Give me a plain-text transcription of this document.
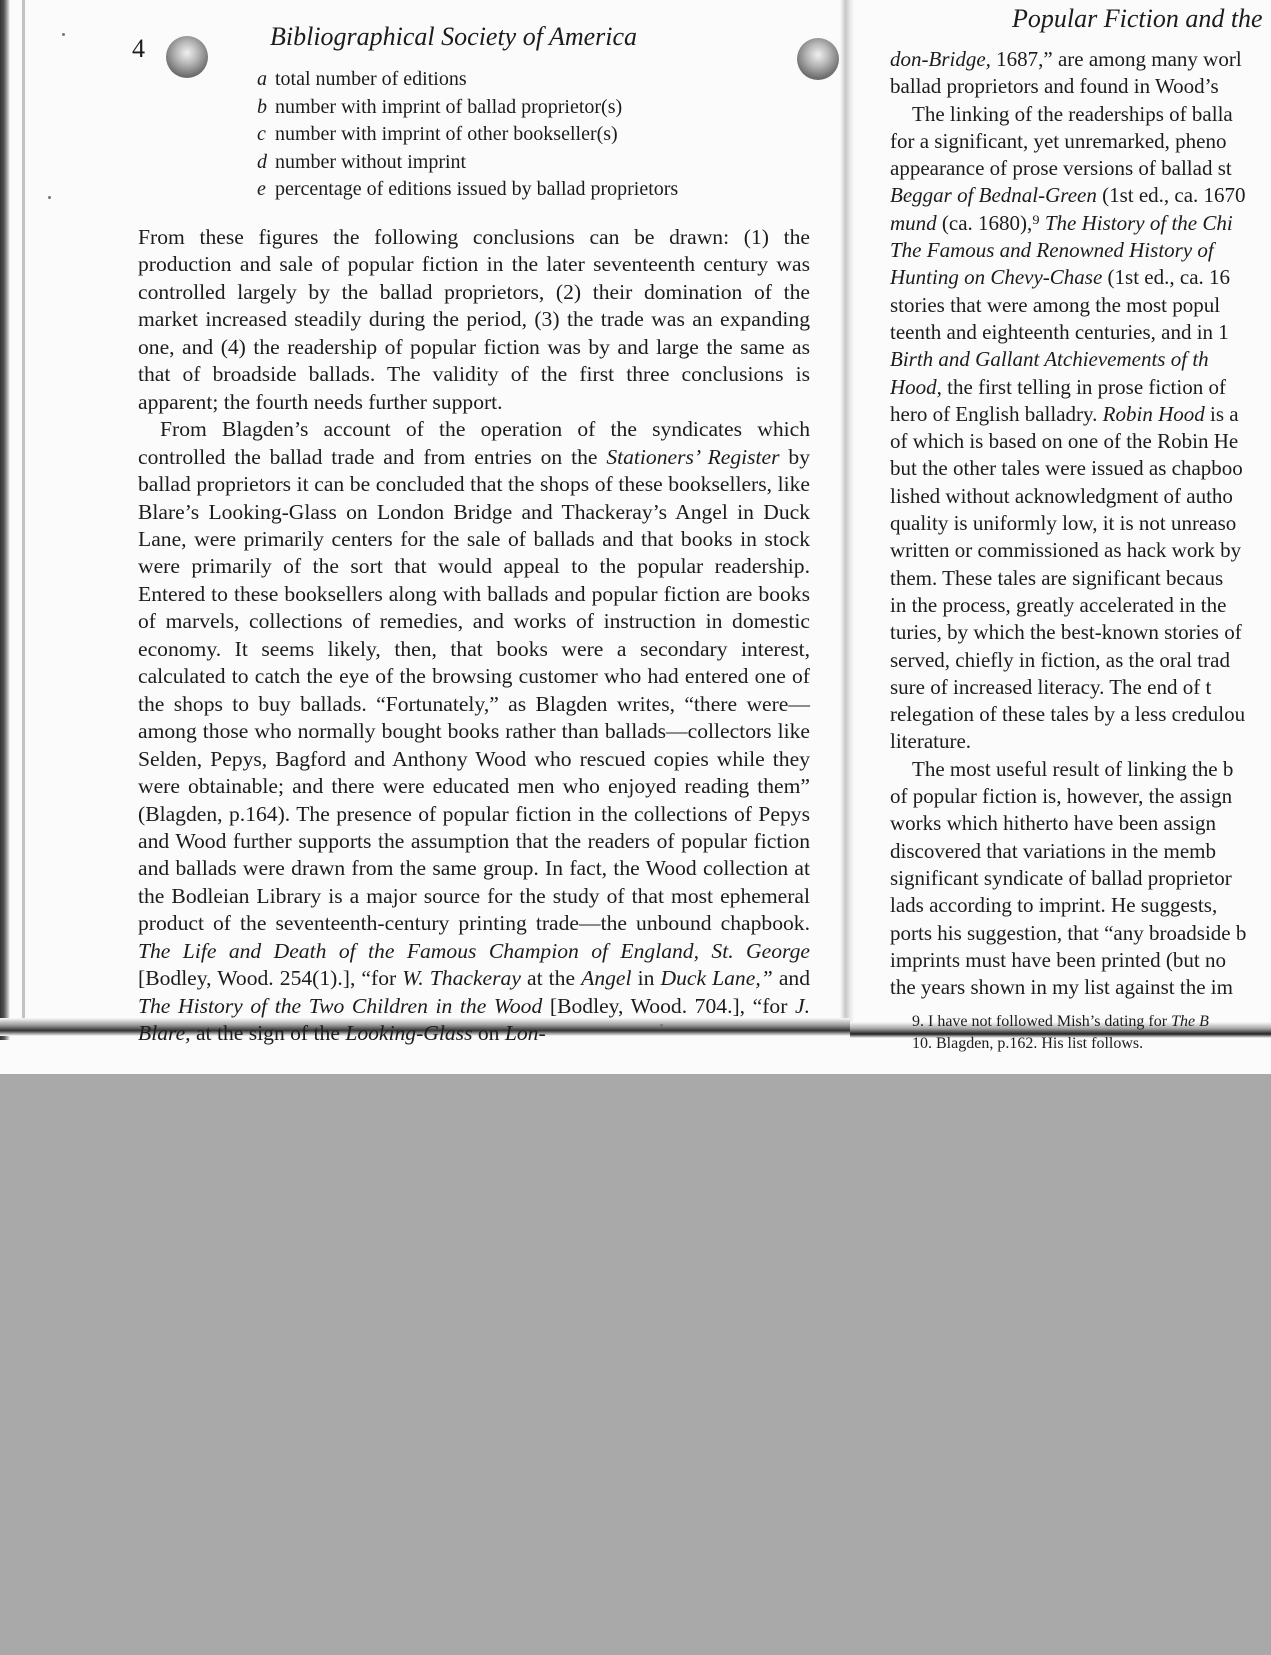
4	Bibliographical Society of America
a total number of editions
b number with imprint of ballad proprietor(s)
c number with imprint of other bookseller(s)
d number without imprint
e percentage of editions issued by ballad proprietors

From these figures the following conclusions can be drawn: (1) the production and sale of popular fiction in the later seventeenth century was controlled largely by the ballad proprietors, (2) their domination of the market increased steadily during the period, (3) the trade was an expanding one, and (4) the readership of popular fiction was by and large the same as that of broadside ballads. The validity of the first three conclusions is apparent; the fourth needs further support.

From Blagden’s account of the operation of the syndicates which controlled the ballad trade and from entries on the Stationers’ Register by ballad proprietors it can be concluded that the shops of these booksellers, like Blare’s Looking-Glass on London Bridge and Thackeray’s Angel in Duck Lane, were primarily centers for the sale of ballads and that books in stock were primarily of the sort that would appeal to the popular readership. Entered to these booksellers along with ballads and popular fiction are books of marvels, collections of remedies, and works of instruction in domestic economy. It seems likely, then, that books were a secondary interest, calculated to catch the eye of the browsing customer who had entered one of the shops to buy ballads. “Fortunately,” as Blagden writes, “there were—among those who normally bought books rather than ballads—collectors like Selden, Pepys, Bagford and Anthony Wood who rescued copies while they were obtainable; and there were educated men who enjoyed reading them” (Blagden, p.164). The presence of popular fiction in the collections of Pepys and Wood further supports the assumption that the readers of popular fiction and ballads were drawn from the same group. In fact, the Wood collection at the Bodleian Library is a major source for the study of that most ephemeral product of the seventeenth-century printing trade—the unbound chapbook. The Life and Death of the Famous Champion of England, St. George [Bodley, Wood. 254(1).], “for W. Thackeray at the Angel in Duck Lane,” and The History of the Two Children in the Wood [Bodley, Wood. 704.], “for J. Blare, at the sign of the Looking-Glass on Lon-

Popular Fiction and the
don-Bridge, 1687,” are among many worl
ballad proprietors and found in Wood’s
The linking of the readerships of balla
for a significant, yet unremarked, pheno
appearance of prose versions of ballad st
Beggar of Bednal-Green (1st ed., ca. 1670
mund (ca. 1680),⁹ The History of the Chi
The Famous and Renowned History of
Hunting on Chevy-Chase (1st ed., ca. 16
stories that were among the most popul
teenth and eighteenth centuries, and in 1
Birth and Gallant Atchievements of th
Hood, the first telling in prose fiction of
hero of English balladry. Robin Hood is a
of which is based on one of the Robin He
but the other tales were issued as chapboo
lished without acknowledgment of autho
quality is uniformly low, it is not unreaso
written or commissioned as hack work by
them. These tales are significant becaus
in the process, greatly accelerated in the
turies, by which the best-known stories of
served, chiefly in fiction, as the oral trad
sure of increased literacy. The end of t
relegation of these tales by a less credulou
literature.
The most useful result of linking the b
of popular fiction is, however, the assign
works which hitherto have been assign
discovered that variations in the memb
significant syndicate of ballad proprietor
lads according to imprint. He suggests,
ports his suggestion, that “any broadside b
imprints must have been printed (but no
the years shown in my list against the im
9. I have not followed Mish’s dating for The B
10. Blagden, p.162. His list follows.
